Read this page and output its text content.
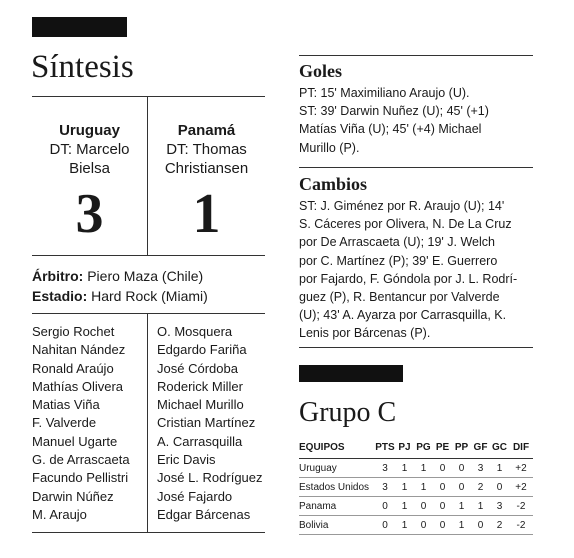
Síntesis
Uruguay
DT: Marcelo Bielsa
Panamá
DT: Thomas Christiansen
3	1
Árbitro: Piero Maza (Chile)
Estadio: Hard Rock (Miami)
Sergio Rochet
Nahitan Nández
Ronald Araújo
Mathías Olivera
Matias Viña
F. Valverde
Manuel Ugarte
G. de Arrascaeta
Facundo Pellistri
Darwin Núñez
M. Araujo
O. Mosquera
Edgardo Fariña
José Córdoba
Roderick Miller
Michael Murillo
Cristian Martínez
A. Carrasquilla
Eric Davis
José L. Rodríguez
José Fajardo
Edgar Bárcenas
Goles
PT: 15' Maximiliano Araujo (U).
ST: 39' Darwin Nuñez (U); 45' (+1)
Matías Viña (U); 45' (+4) Michael
Murillo (P).
Cambios
ST: J. Giménez por R. Araujo (U); 14'
S. Cáceres por Olivera, N. De La Cruz
por De Arrascaeta (U); 19' J. Welch
por C. Martínez (P); 39' E. Guerrero
por Fajardo, F. Góndola por J. L. Rodrí-
guez (P), R. Bentancur por Valverde
(U); 43' A. Ayarza por Carrasquilla, K.
Lenis por Bárcenas (P).
Grupo C
EQUIPOS	PTS	PJ	PG	PE	PP	GF	GC	DIF
Uruguay	3	1	1	0	0	3	1	+2
Estados Unidos	3	1	1	0	0	2	0	+2
Panama	0	1	0	0	1	1	3	-2
Bolivia	0	1	0	0	1	0	2	-2
